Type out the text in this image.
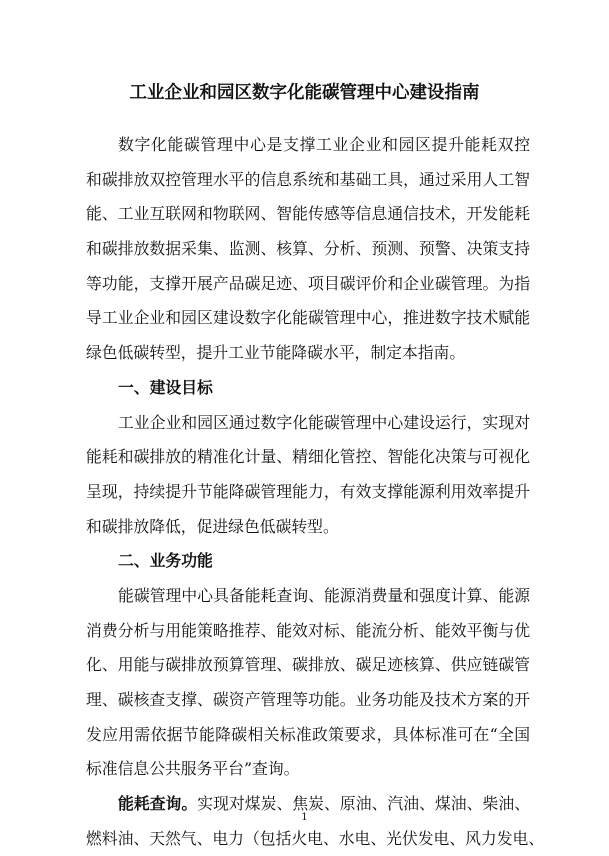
工业企业和园区数字化能碳管理中心建设指南
数字化能碳管理中心是支撑工业企业和园区提升能耗双控
和碳排放双控管理水平的信息系统和基础工具，通过采用人工智
能、工业互联网和物联网、智能传感等信息通信技术，开发能耗
和碳排放数据采集、监测、核算、分析、预测、预警、决策支持
等功能，支撑开展产品碳足迹、项目碳评价和企业碳管理。为指
导工业企业和园区建设数字化能碳管理中心，推进数字技术赋能
绿色低碳转型，提升工业节能降碳水平，制定本指南。
一、建设目标
工业企业和园区通过数字化能碳管理中心建设运行，实现对
能耗和碳排放的精准化计量、精细化管控、智能化决策与可视化
呈现，持续提升节能降碳管理能力，有效支撑能源利用效率提升
和碳排放降低，促进绿色低碳转型。
二、业务功能
能碳管理中心具备能耗查询、能源消费量和强度计算、能源
消费分析与用能策略推荐、能效对标、能流分析、能效平衡与优
化、用能与碳排放预算管理、碳排放、碳足迹核算、供应链碳管
理、碳核查支撑、碳资产管理等功能。业务功能及技术方案的开
发应用需依据节能降碳相关标准政策要求，具体标准可在“全国
标准信息公共服务平台”查询。
能耗查询。实现对煤炭、焦炭、原油、汽油、煤油、柴油、
燃料油、天然气、电力（包括火电、水电、光伏发电、风力发电、
1
